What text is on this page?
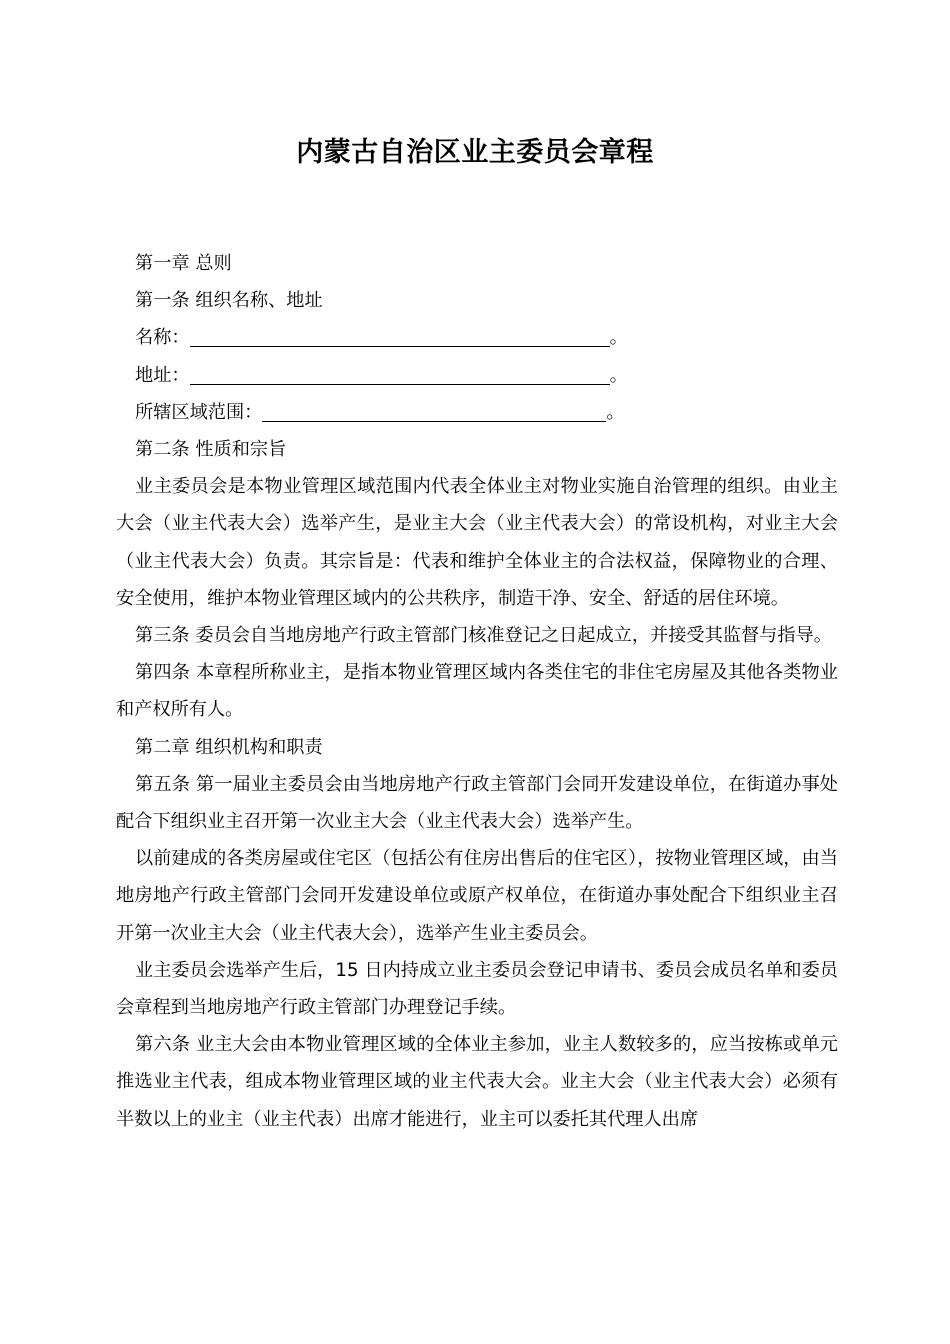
内蒙古自治区业主委员会章程
第一章 总则
第一条 组织名称、地址
名称：	。
地址：	。
所辖区域范围：	。
第二条 性质和宗旨
业主委员会是本物业管理区域范围内代表全体业主对物业实施自治管理的组织。由业主大会（业主代表大会）选举产生，是业主大会（业主代表大会）的常设机构，对业主大会（业主代表大会）负责。其宗旨是：代表和维护全体业主的合法权益，保障物业的合理、安全使用，维护本物业管理区域内的公共秩序，制造干净、安全、舒适的居住环境。
第三条 委员会自当地房地产行政主管部门核准登记之日起成立，并接受其监督与指导。
第四条 本章程所称业主，是指本物业管理区域内各类住宅的非住宅房屋及其他各类物业和产权所有人。
第二章 组织机构和职责
第五条 第一届业主委员会由当地房地产行政主管部门会同开发建设单位，在街道办事处配合下组织业主召开第一次业主大会（业主代表大会）选举产生。
以前建成的各类房屋或住宅区（包括公有住房出售后的住宅区），按物业管理区域，由当地房地产行政主管部门会同开发建设单位或原产权单位，在街道办事处配合下组织业主召开第一次业主大会（业主代表大会），选举产生业主委员会。
业主委员会选举产生后，15 日内持成立业主委员会登记申请书、委员会成员名单和委员会章程到当地房地产行政主管部门办理登记手续。
第六条 业主大会由本物业管理区域的全体业主参加，业主人数较多的，应当按栋或单元推选业主代表，组成本物业管理区域的业主代表大会。业主大会（业主代表大会）必须有半数以上的业主（业主代表）出席才能进行，业主可以委托其代理人出席
